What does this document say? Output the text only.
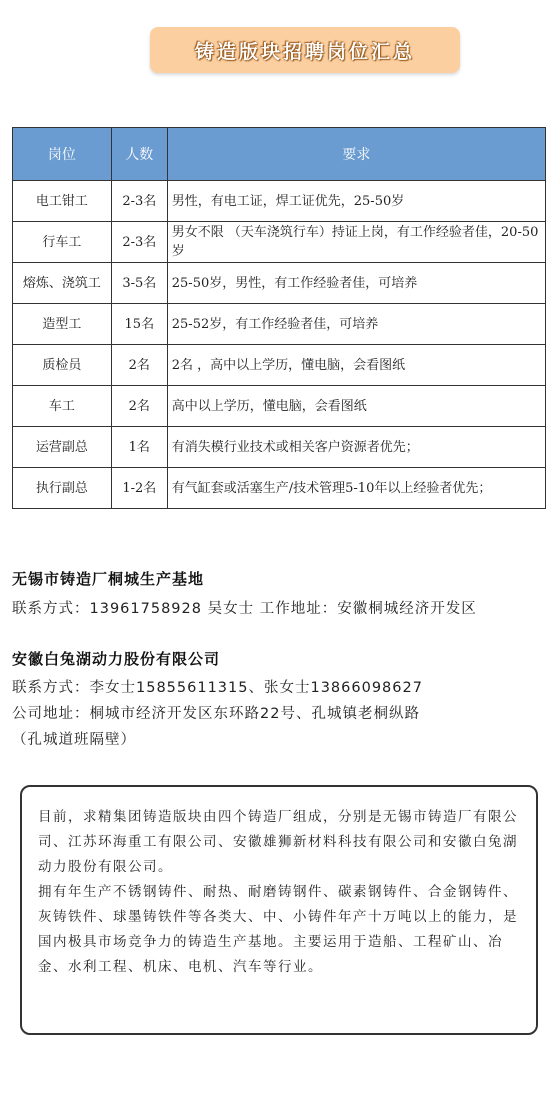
铸造版块招聘岗位汇总
岗位	人数	要求
电工钳工	2-3名	男性，有电工证，焊工证优先，25-50岁
行车工	2-3名	男女不限 （天车浇筑行车）持证上岗，有工作经验者佳，20-50岁
熔炼、浇筑工	3-5名	25-50岁，男性，有工作经验者佳，可培养
造型工	15名	25-52岁，有工作经验者佳，可培养
质检员	2名	2名 ，高中以上学历，懂电脑，会看图纸
车工	2名	高中以上学历，懂电脑，会看图纸
运营副总	1名	有消失模行业技术或相关客户资源者优先；
执行副总	1-2名	有气缸套或活塞生产/技术管理5-10年以上经验者优先；
无锡市铸造厂桐城生产基地
联系方式：13961758928 吴女士 工作地址：安徽桐城经济开发区
安徽白兔湖动力股份有限公司
联系方式：李女士15855611315、张女士13866098627
公司地址：桐城市经济开发区东环路22号、孔城镇老桐纵路
（孔城道班隔壁）

目前，求精集团铸造版块由四个铸造厂组成，分别是无锡市铸造厂有限公司、江苏环海重工有限公司、安徽雄狮新材料科技有限公司和安徽白兔湖动力股份有限公司。

拥有年生产不锈钢铸件、耐热、耐磨铸钢件、碳素钢铸件、合金钢铸件、灰铸铁件、球墨铸铁件等各类大、中、小铸件年产十万吨以上的能力，是国内极具市场竞争力的铸造生产基地。主要运用于造船、工程矿山、冶金、水利工程、机床、电机、汽车等行业。
